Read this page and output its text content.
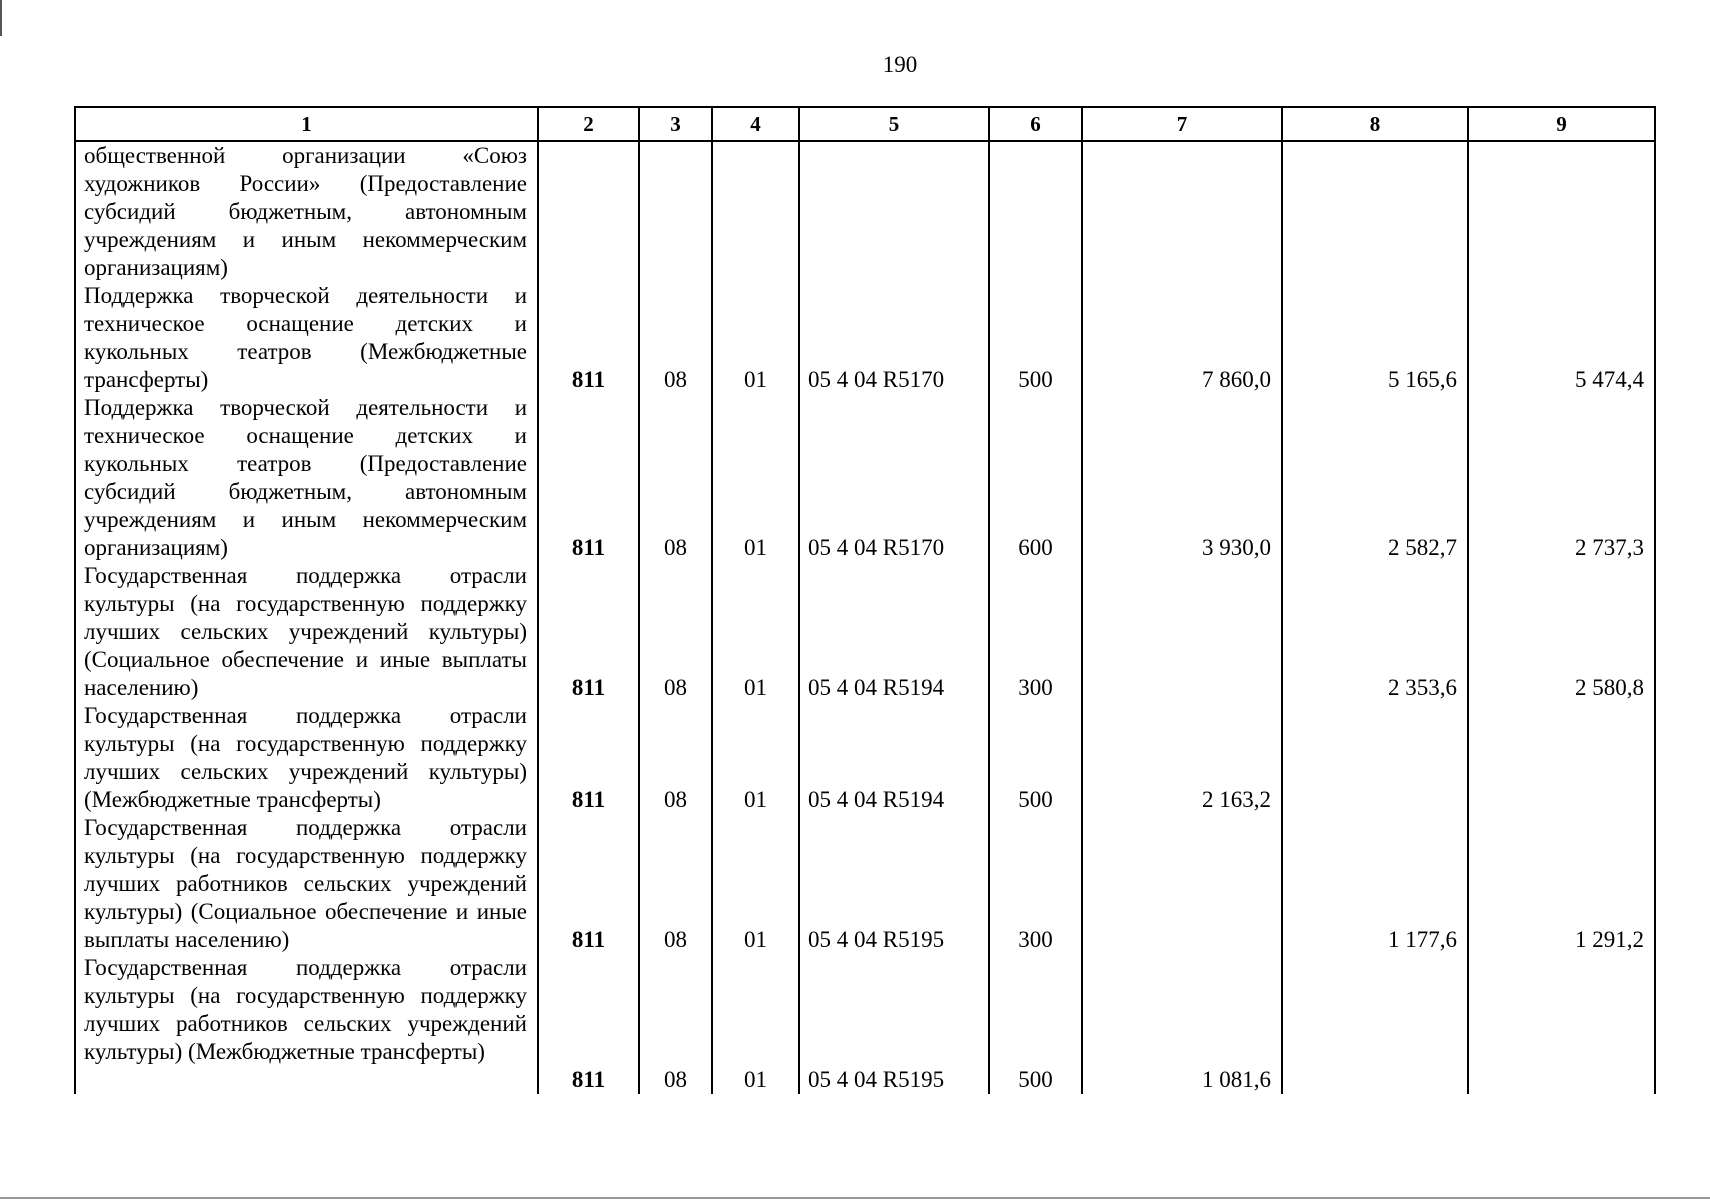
190
1	2	3	4	5	6	7	8	9
общественной организации «Союз художников России» (Предоставление субсидий бюджетным, автономным учреждениям и иным некоммерческим организациям)								
Поддержка творческой деятельности и техническое оснащение детских и кукольных театров (Межбюджетные трансферты)	811	08	01	05 4 04 R5170	500	7 860,0	5 165,6	5 474,4
Поддержка творческой деятельности и техническое оснащение детских и кукольных театров (Предоставление субсидий бюджетным, автономным учреждениям и иным некоммерческим организациям)	811	08	01	05 4 04 R5170	600	3 930,0	2 582,7	2 737,3
Государственная поддержка отрасли культуры (на государственную поддержку лучших сельских учреждений культуры) (Социальное обеспечение и иные выплаты населению)	811	08	01	05 4 04 R5194	300		2 353,6	2 580,8
Государственная поддержка отрасли культуры (на государственную поддержку лучших сельских учреждений культуры) (Межбюджетные трансферты)	811	08	01	05 4 04 R5194	500	2 163,2		
Государственная поддержка отрасли культуры (на государственную поддержку лучших работников сельских учреждений культуры) (Социальное обеспечение и иные выплаты населению)	811	08	01	05 4 04 R5195	300		1 177,6	1 291,2
Государственная поддержка отрасли культуры (на государственную поддержку лучших работников сельских учреждений культуры) (Межбюджетные трансферты)	811	08	01	05 4 04 R5195	500	1 081,6		
